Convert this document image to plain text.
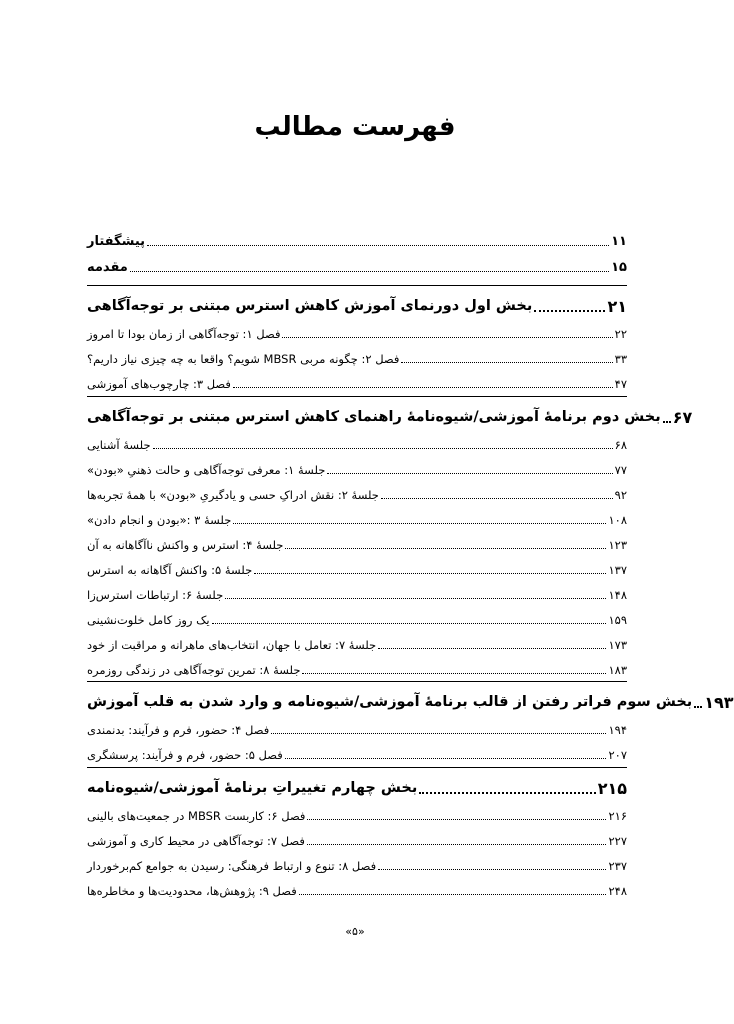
فهرست مطالب
پیشگفتار	۱۱
مقدمه	۱۵
بخش اول دورنمای آموزش کاهش استرس مبتنی بر توجه‌آگاهی	۲۱
فصل ۱: توجه‌آگاهی از زمان بودا تا امروز	۲۲
فصل ۲: چگونه مربی MBSR شویم؟ واقعا به چه چیزی نیاز داریم؟	۳۳
فصل ۳: چارچوب‌های آموزشی	۴۷
بخش دوم برنامهٔ آموزشی/شیوه‌نامهٔ راهنمای کاهش استرس مبتنی بر توجه‌آگاهی ۶۷
جلسهٔ آشنایی	۶۸
جلسهٔ ۱: معرفی توجه‌آگاهی و حالت ذهنیِ «بودن»	۷۷
جلسهٔ ۲: نقش ادراکِ حسی و یادگیریِ «بودن» با همهٔ تجربه‌ها	۹۲
جلسهٔ ۳ :«بودن و انجام دادن»	۱۰۸
جلسهٔ ۴: استرس و واکنش ناآگاهانه به آن	۱۲۳
جلسهٔ ۵: واکنش آگاهانه به استرس	۱۳۷
جلسهٔ ۶: ارتباطات استرس‌زا	۱۴۸
یک روز کامل خلوت‌نشینی	۱۵۹
جلسهٔ ۷: تعامل با جهان، انتخاب‌های ماهرانه و مراقبت از خود	۱۷۳
جلسهٔ ۸: تمرین توجه‌آگاهی در زندگی روزمره	۱۸۳
بخش سوم فراتر رفتن از قالب برنامهٔ آموزشی/شیوه‌نامه و وارد شدن به قلب آموزش ۱۹۳
فصل ۴: حضور، فرم و فرآیند: بدنمندی	۱۹۴
فصل ۵: حضور، فرم و فرآیند: پرسشگری	۲۰۷
بخش چهارم تغییراتِ برنامهٔ آموزشی/شیوه‌نامه	۲۱۵
فصل ۶: کاربست MBSR در جمعیت‌های بالینی	۲۱۶
فصل ۷: توجه‌آگاهی در محیط کاری و آموزشی	۲۲۷
فصل ۸: تنوع و ارتباط فرهنگی: رسیدن به جوامع کم‌برخوردار	۲۳۷
فصل ۹: پژوهش‌ها، محدودیت‌ها و مخاطره‌ها	۲۴۸
«۵»
